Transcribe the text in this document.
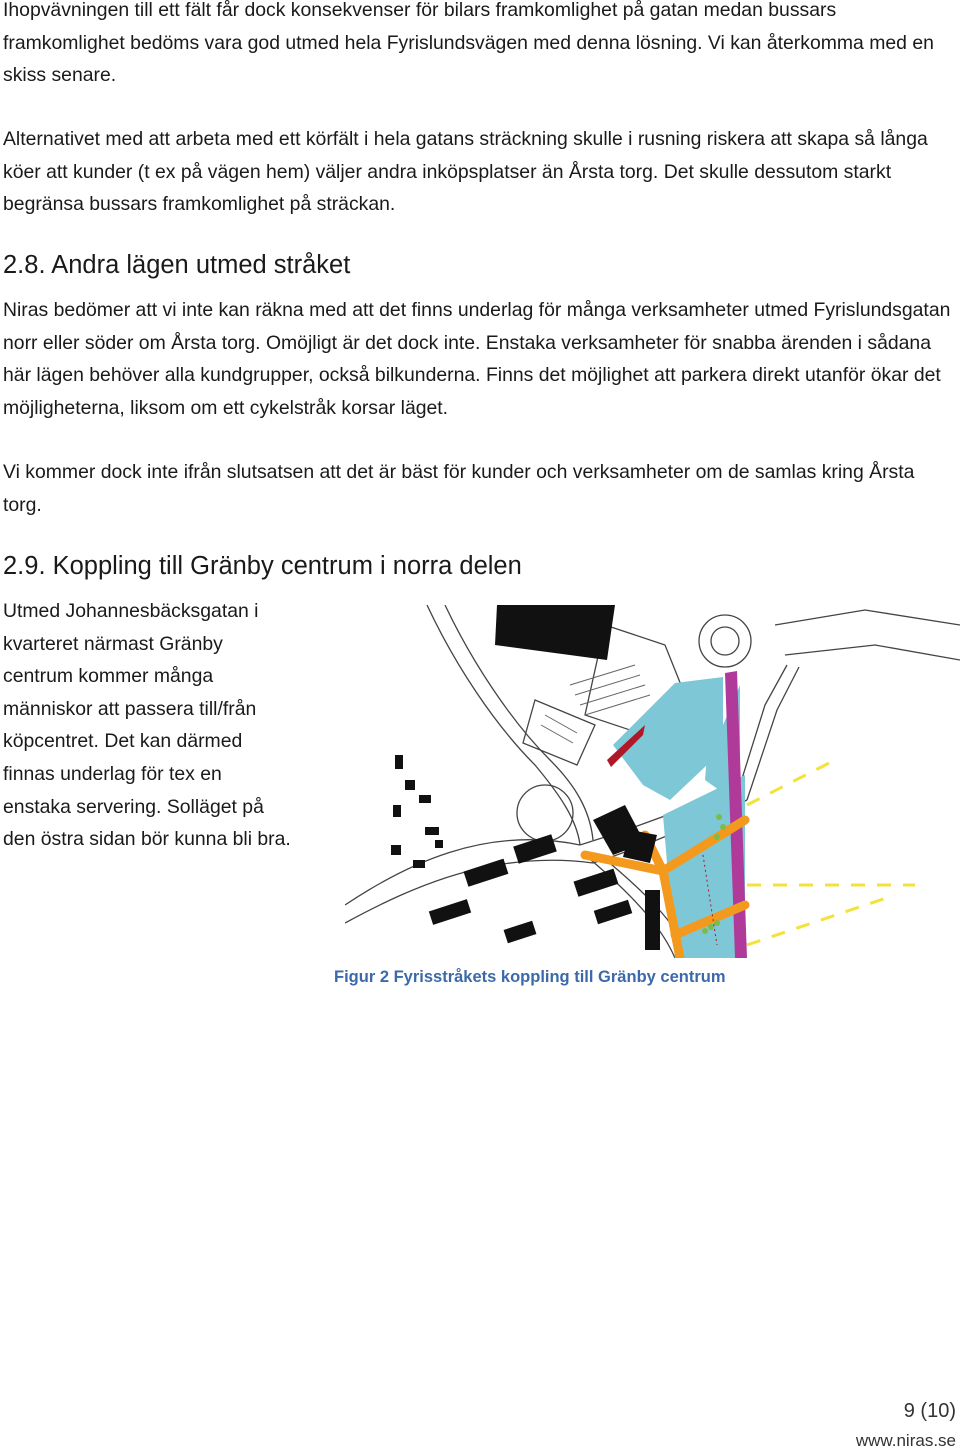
Ihopvävningen till ett fält får dock konsekvenser för bilars framkomlighet på gatan medan bussars framkomlighet bedöms vara god utmed hela Fyrislundsvägen med denna lösning. Vi kan återkomma med en skiss senare.

Alternativet med att arbeta med ett körfält i hela gatans sträckning skulle i rusning riskera att skapa så långa köer att kunder (t ex på vägen hem) väljer andra inköpsplatser än Årsta torg. Det skulle dessutom starkt begränsa bussars framkomlighet på sträckan.

2.8. Andra lägen utmed stråket

Niras bedömer att vi inte kan räkna med att det finns underlag för många verksamheter utmed Fyrislundsgatan norr eller söder om Årsta torg. Omöjligt är det dock inte. Enstaka verksamheter för snabba ärenden i sådana här lägen behöver alla kundgrupper, också bilkunderna. Finns det möjlighet att parkera direkt utanför ökar det möjligheterna, liksom om ett cykelstråk korsar läget.

Vi kommer dock inte ifrån slutsatsen att det är bäst för kunder och verksamheter om de samlas kring Årsta torg.

2.9. Koppling till Gränby centrum i norra delen

Utmed Johannesbäcksgatan i kvarteret närmast Gränby centrum kommer många människor att passera till/från köpcentret. Det kan därmed finnas underlag för tex en enstaka servering. Solläget på den östra sidan bör kunna bli bra.

Figur 2 Fyrisstråkets koppling till Gränby centrum
9 (10)
www.niras.se
